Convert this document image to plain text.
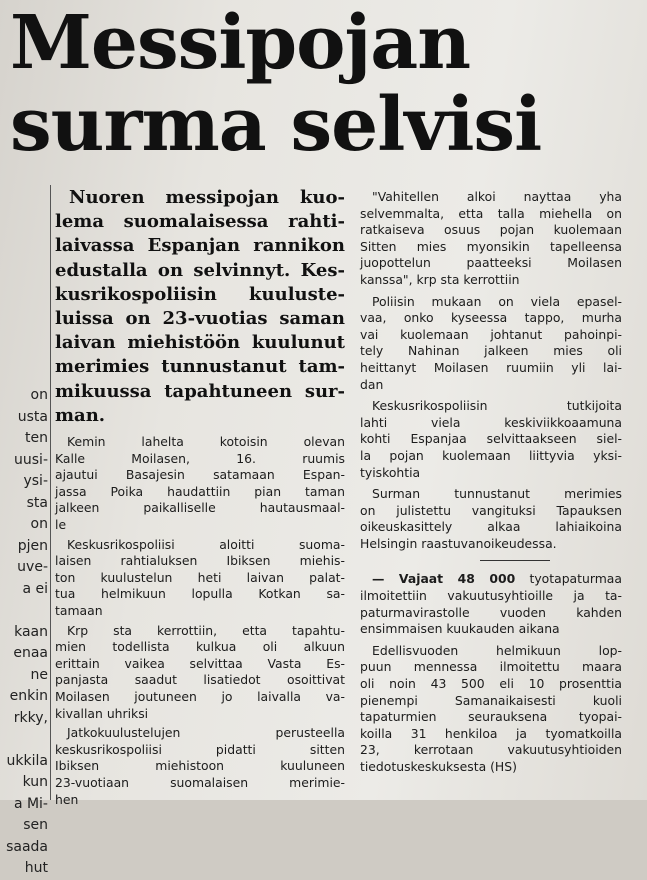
Messipojan
surma selvisi
on
usta
ten
uusi-
ysi-
sta
on
pjen
uve-
a ei

kaan
enaa
ne
enkin
rkky,

ukkila
kun
a Mi-
sen
saada
hut
Nuoren messipojan kuo-
lema suomalaisessa rahti-
laivassa Espanjan rannikon
edustalla on selvinnyt. Kes-
kusrikospoliisin kuuluste-
luissa on 23-vuotias saman
laivan miehistöön kuulunut
merimies tunnustanut tam-
mikuussa tapahtuneen sur-
man.
Kemin lahelta kotoisin olevan
Kalle Moilasen, 16. ruumis
ajautui Basajesin satamaan Espan-
jassa Poika haudattiin pian taman
jalkeen paikalliselle hautausmaal-
le
Keskusrikospoliisi aloitti suoma-
laisen rahtialuksen Ibiksen miehis-
ton kuulustelun heti laivan palat-
tua helmikuun lopulla Kotkan sa-
tamaan
Krp sta kerrottiin, etta tapahtu-
mien todellista kulkua oli alkuun
erittain vaikea selvittaa Vasta Es-
panjasta saadut lisatiedot osoittivat
Moilasen joutuneen jo laivalla va-
kivallan uhriksi
Jatkokuulustelujen perusteella
keskusrikospoliisi pidatti sitten
Ibiksen miehistoon kuuluneen
23-vuotiaan suomalaisen merimie-
hen
"Vahitellen alkoi nayttaa yha
selvemmalta, etta talla miehella on
ratkaiseva osuus pojan kuolemaan
Sitten mies myonsikin tapelleensa
juopottelun paatteeksi Moilasen
kanssa", krp sta kerrottiin
Poliisin mukaan on viela epasel-
vaa, onko kyseessa tappo, murha
vai kuolemaan johtanut pahoinpi-
tely Nahinan jalkeen mies oli
heittanyt Moilasen ruumiin yli lai-
dan
Keskusrikospoliisin tutkijoita
lahti viela keskiviikkoaamuna
kohti Espanjaa selvittaakseen siel-
la pojan kuolemaan liittyvia yksi-
tyiskohtia
Surman tunnustanut merimies
on julistettu vangituksi Tapauksen
oikeuskasittely alkaa lahiaikoina
Helsingin raastuvanoikeudessa.
— Vajaat 48 000 tyotapaturmaa
ilmoitettiin vakuutusyhtioille ja ta-
paturmavirastolle vuoden kahden
ensimmaisen kuukauden aikana
Edellisvuoden helmikuun lop-
puun mennessa ilmoitettu maara
oli noin 43 500 eli 10 prosenttia
pienempi Samanaikaisesti kuoli
tapaturmien seurauksena tyopai-
koilla 31 henkiloa ja tyomatkoilla
23, kerrotaan vakuutusyhtioiden
tiedotuskeskuksesta (HS)
